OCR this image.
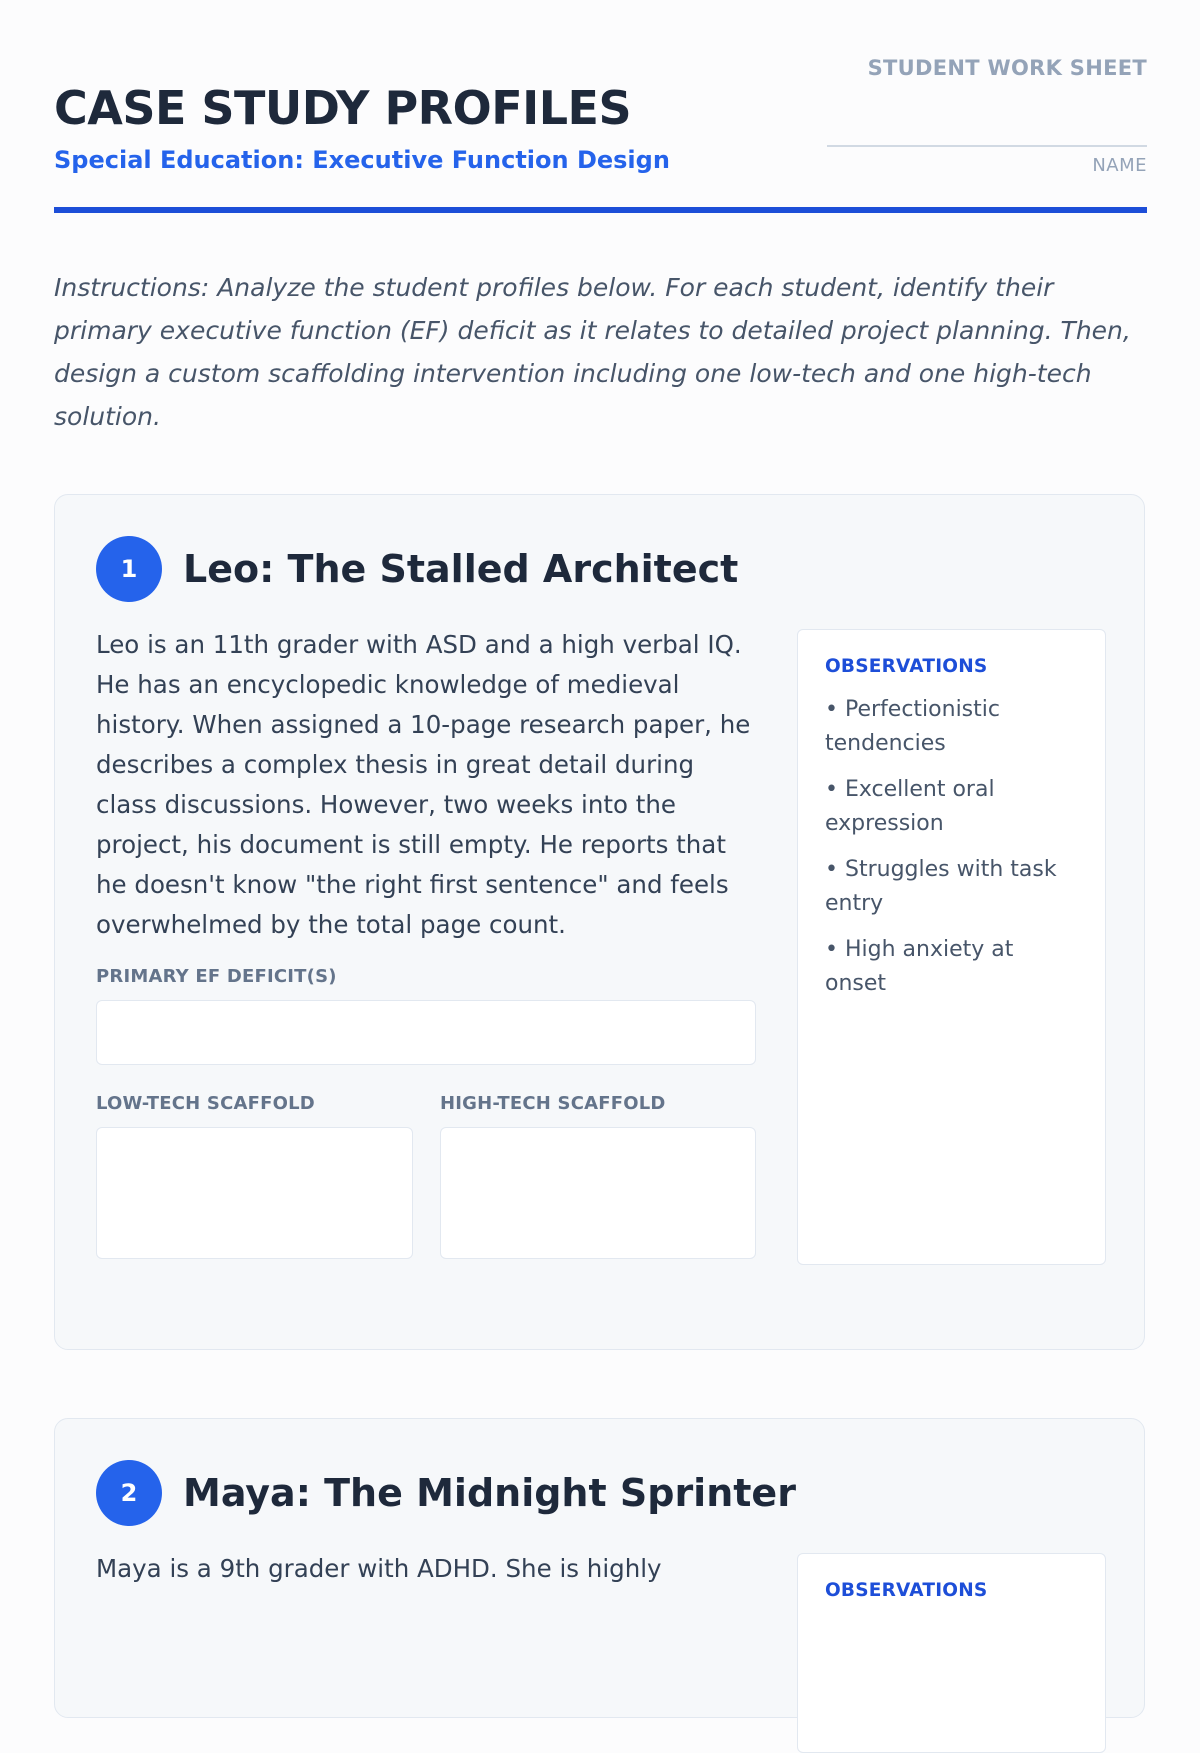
CASE STUDY PROFILES
Special Education: Executive Function Design
STUDENT WORK SHEET
NAME

Instructions: Analyze the student profiles below. For each student, identify their primary executive function (EF) deficit as it relates to detailed project planning. Then, design a custom scaffolding intervention including one low-tech and one high-tech solution.

1	Leo: The Stalled Architect

Leo is an 11th grader with ASD and a high verbal IQ. He has an encyclopedic knowledge of medieval history. When assigned a 10-page research paper, he describes a complex thesis in great detail during class discussions. However, two weeks into the project, his document is still empty. He reports that he doesn't know "the right first sentence" and feels overwhelmed by the total page count.

PRIMARY EF DEFICIT(S)
LOW-TECH SCAFFOLD	HIGH-TECH SCAFFOLD
OBSERVATIONS
• Perfectionistic tendencies
• Excellent oral expression
• Struggles with task entry
• High anxiety at onset
2	Maya: The Midnight Sprinter

Maya is a 9th grader with ADHD. She is highly

OBSERVATIONS
